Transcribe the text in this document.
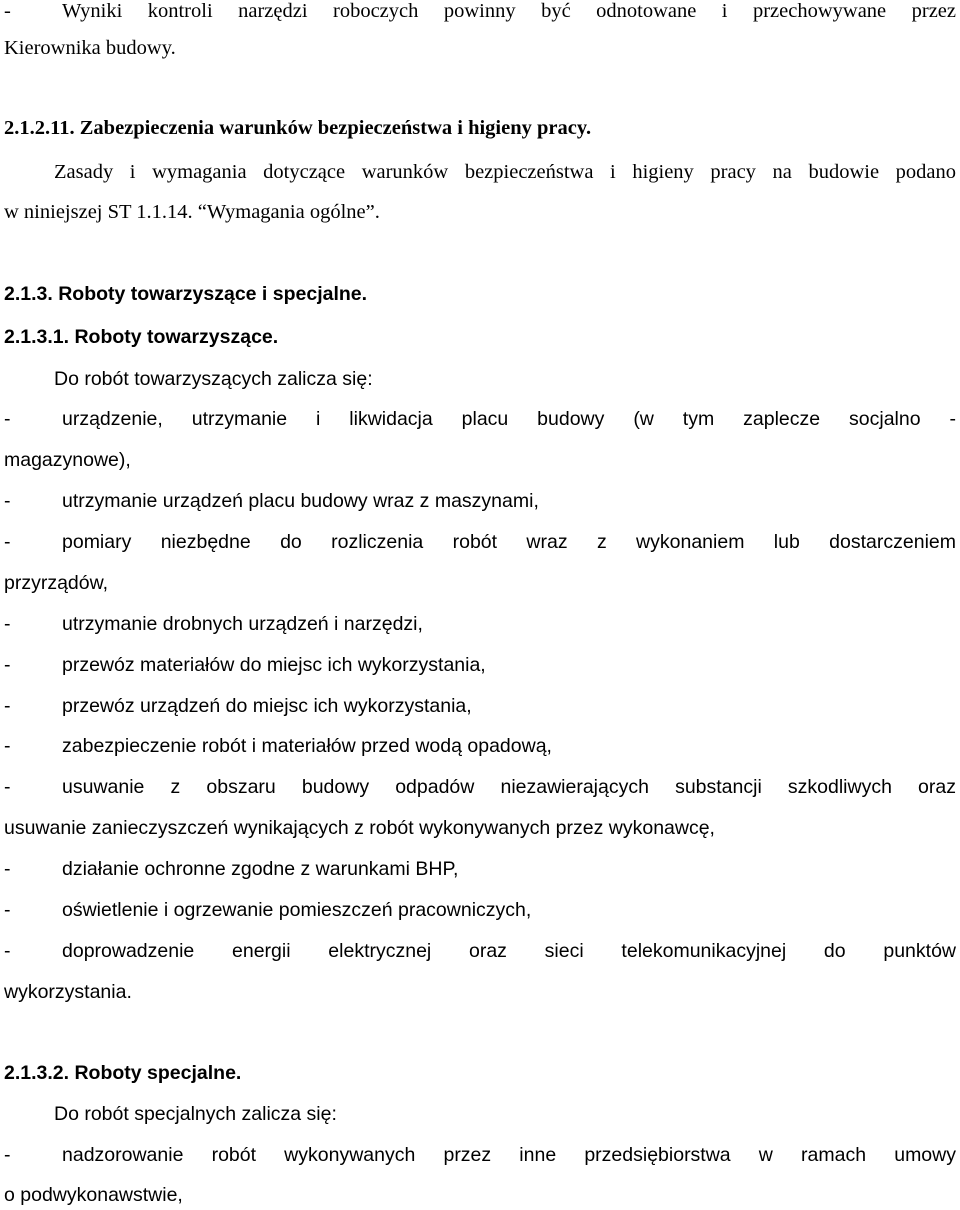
-	Wyniki kontroli narzędzi roboczych powinny być odnotowane i przechowywane przez
Kierownika budowy.
2.1.2.11. Zabezpieczenia warunków bezpieczeństwa i higieny pracy.
Zasady i wymagania dotyczące warunków bezpieczeństwa i higieny pracy na budowie podano
w niniejszej ST 1.1.14. “Wymagania ogólne”.
2.1.3. Roboty towarzyszące i specjalne.
2.1.3.1. Roboty towarzyszące.
Do robót towarzyszących zalicza się:
-	urządzenie, utrzymanie i likwidacja placu budowy (w tym zaplecze socjalno -
magazynowe),
-	utrzymanie urządzeń placu budowy wraz z maszynami,
-	pomiary niezbędne do rozliczenia robót wraz z wykonaniem lub dostarczeniem
przyrządów,
-	utrzymanie drobnych urządzeń i narzędzi,
-	przewóz materiałów do miejsc ich wykorzystania,
-	przewóz urządzeń do miejsc ich wykorzystania,
-	zabezpieczenie robót i materiałów przed wodą opadową,
-	usuwanie z obszaru budowy odpadów niezawierających substancji szkodliwych oraz
usuwanie zanieczyszczeń wynikających z robót wykonywanych przez wykonawcę,
-	działanie ochronne zgodne z warunkami BHP,
-	oświetlenie i ogrzewanie pomieszczeń pracowniczych,
-	doprowadzenie energii elektrycznej oraz sieci telekomunikacyjnej do punktów
wykorzystania.
2.1.3.2. Roboty specjalne.
Do robót specjalnych zalicza się:
-	nadzorowanie robót wykonywanych przez inne przedsiębiorstwa w ramach umowy
o podwykonawstwie,
